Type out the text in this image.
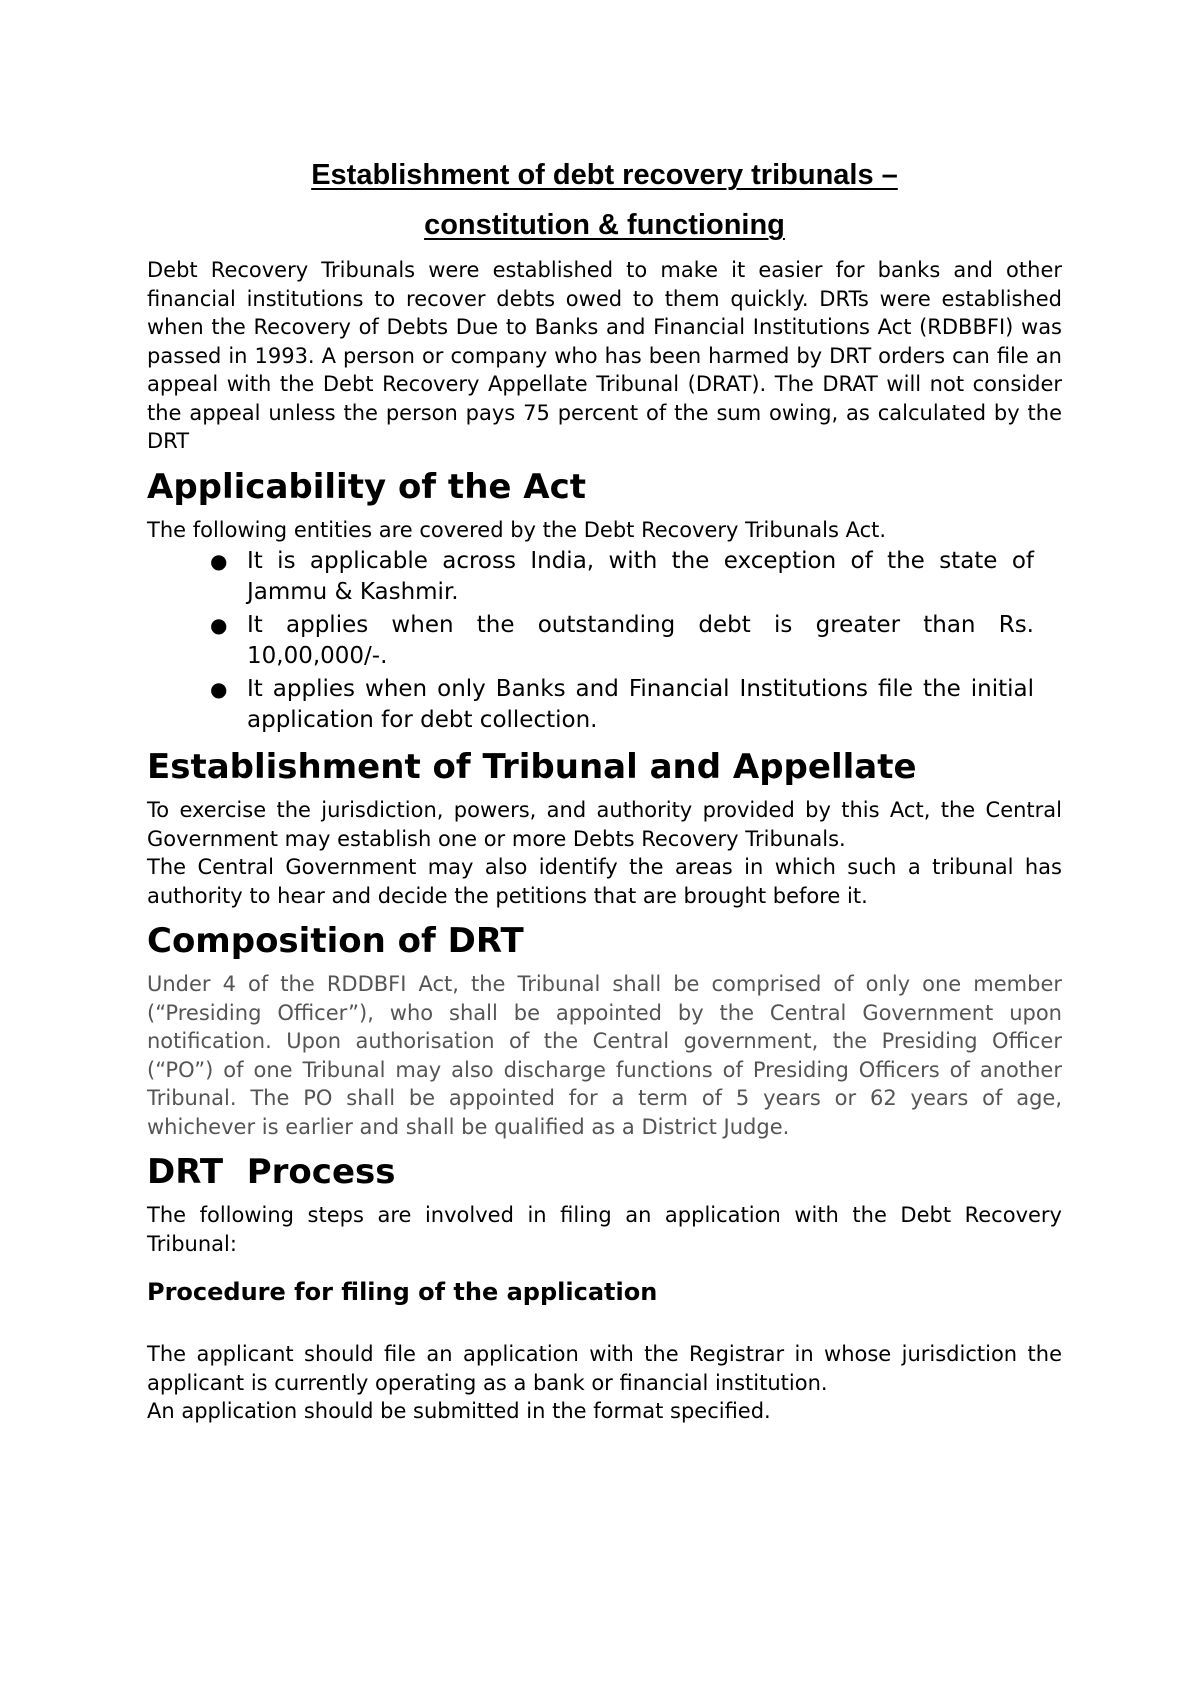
Establishment of debt recovery tribunals –
constitution & functioning

Debt Recovery Tribunals were established to make it easier for banks and other financial institutions to recover debts owed to them quickly. DRTs were established when the Recovery of Debts Due to Banks and Financial Institutions Act (RDBBFI) was passed in 1993. A person or company who has been harmed by DRT orders can file an appeal with the Debt Recovery Appellate Tribunal (DRAT). The DRAT will not consider the appeal unless the person pays 75 percent of the sum owing, as calculated by the DRT

Applicability of the Act

The following entities are covered by the Debt Recovery Tribunals Act.

● It is applicable across India, with the exception of the state of Jammu & Kashmir.
● It applies when the outstanding debt is greater than Rs. 10,00,000/-.
● It applies when only Banks and Financial Institutions file the initial application for debt collection.
Establishment of Tribunal and Appellate

To exercise the jurisdiction, powers, and authority provided by this Act, the Central Government may establish one or more Debts Recovery Tribunals.

The Central Government may also identify the areas in which such a tribunal has authority to hear and decide the petitions that are brought before it.

Composition of DRT

Under 4 of the RDDBFI Act, the Tribunal shall be comprised of only one member (“Presiding Officer”), who shall be appointed by the Central Government upon notification. Upon authorisation of the Central government, the Presiding Officer (“PO”) of one Tribunal may also discharge functions of Presiding Officers of another Tribunal. The PO shall be appointed for a term of 5 years or 62 years of age, whichever is earlier and shall be qualified as a District Judge.

DRT  Process

The following steps are involved in filing an application with the Debt Recovery Tribunal:

Procedure for filing of the application

The applicant should file an application with the Registrar in whose jurisdiction the applicant is currently operating as a bank or financial institution.

An application should be submitted in the format specified.
